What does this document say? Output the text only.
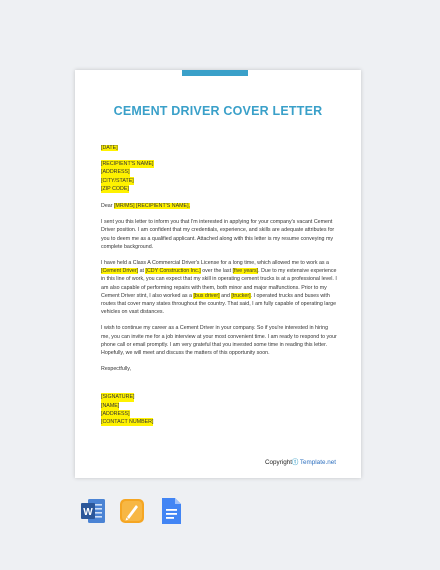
CEMENT DRIVER COVER LETTER

[DATE]

[RECIPIENT'S NAME]
[ADDRESS]
[CITY/STATE]
[ZIP CODE]

Dear [MR/MS] [RECIPIENT'S NAME],

I sent you this letter to inform you that I'm interested in applying for your company's vacant Cement Driver position. I am confident that my credentials, experience, and skills are adequate attributes for you to deem me as a qualified applicant. Attached along with this letter is my resume conveying my complete background.

I have held a Class A Commercial Driver's License for a long time, which allowed me to work as a [Cement Driver] at [CDY Construction Inc.] over the last [five years]. Due to my extensive experience in this line of work, you can expect that my skill in operating cement trucks is at a professional level. I am also capable of performing repairs with them, both minor and major malfunctions. Prior to my Cement Driver stint, I also worked as a [bus driver] and [trucker]. I operated trucks and buses with routes that cover many states throughout the country. That said, I am fully capable of operating large vehicles on vast distances.

I wish to continue my career as a Cement Driver in your company. So if you're interested in hiring me, you can invite me for a job interview at your most convenient time. I am ready to respond to your phone call or email promptly. I am very grateful that you invested some time in reading this letter. Hopefully, we will meet and discuss the matters of this opportunity soon.

Respectfully,

[SIGNATURE]
[NAME]
[ADDRESS]
[CONTACT NUMBER]
Copyrightⓣ Template.net
W
